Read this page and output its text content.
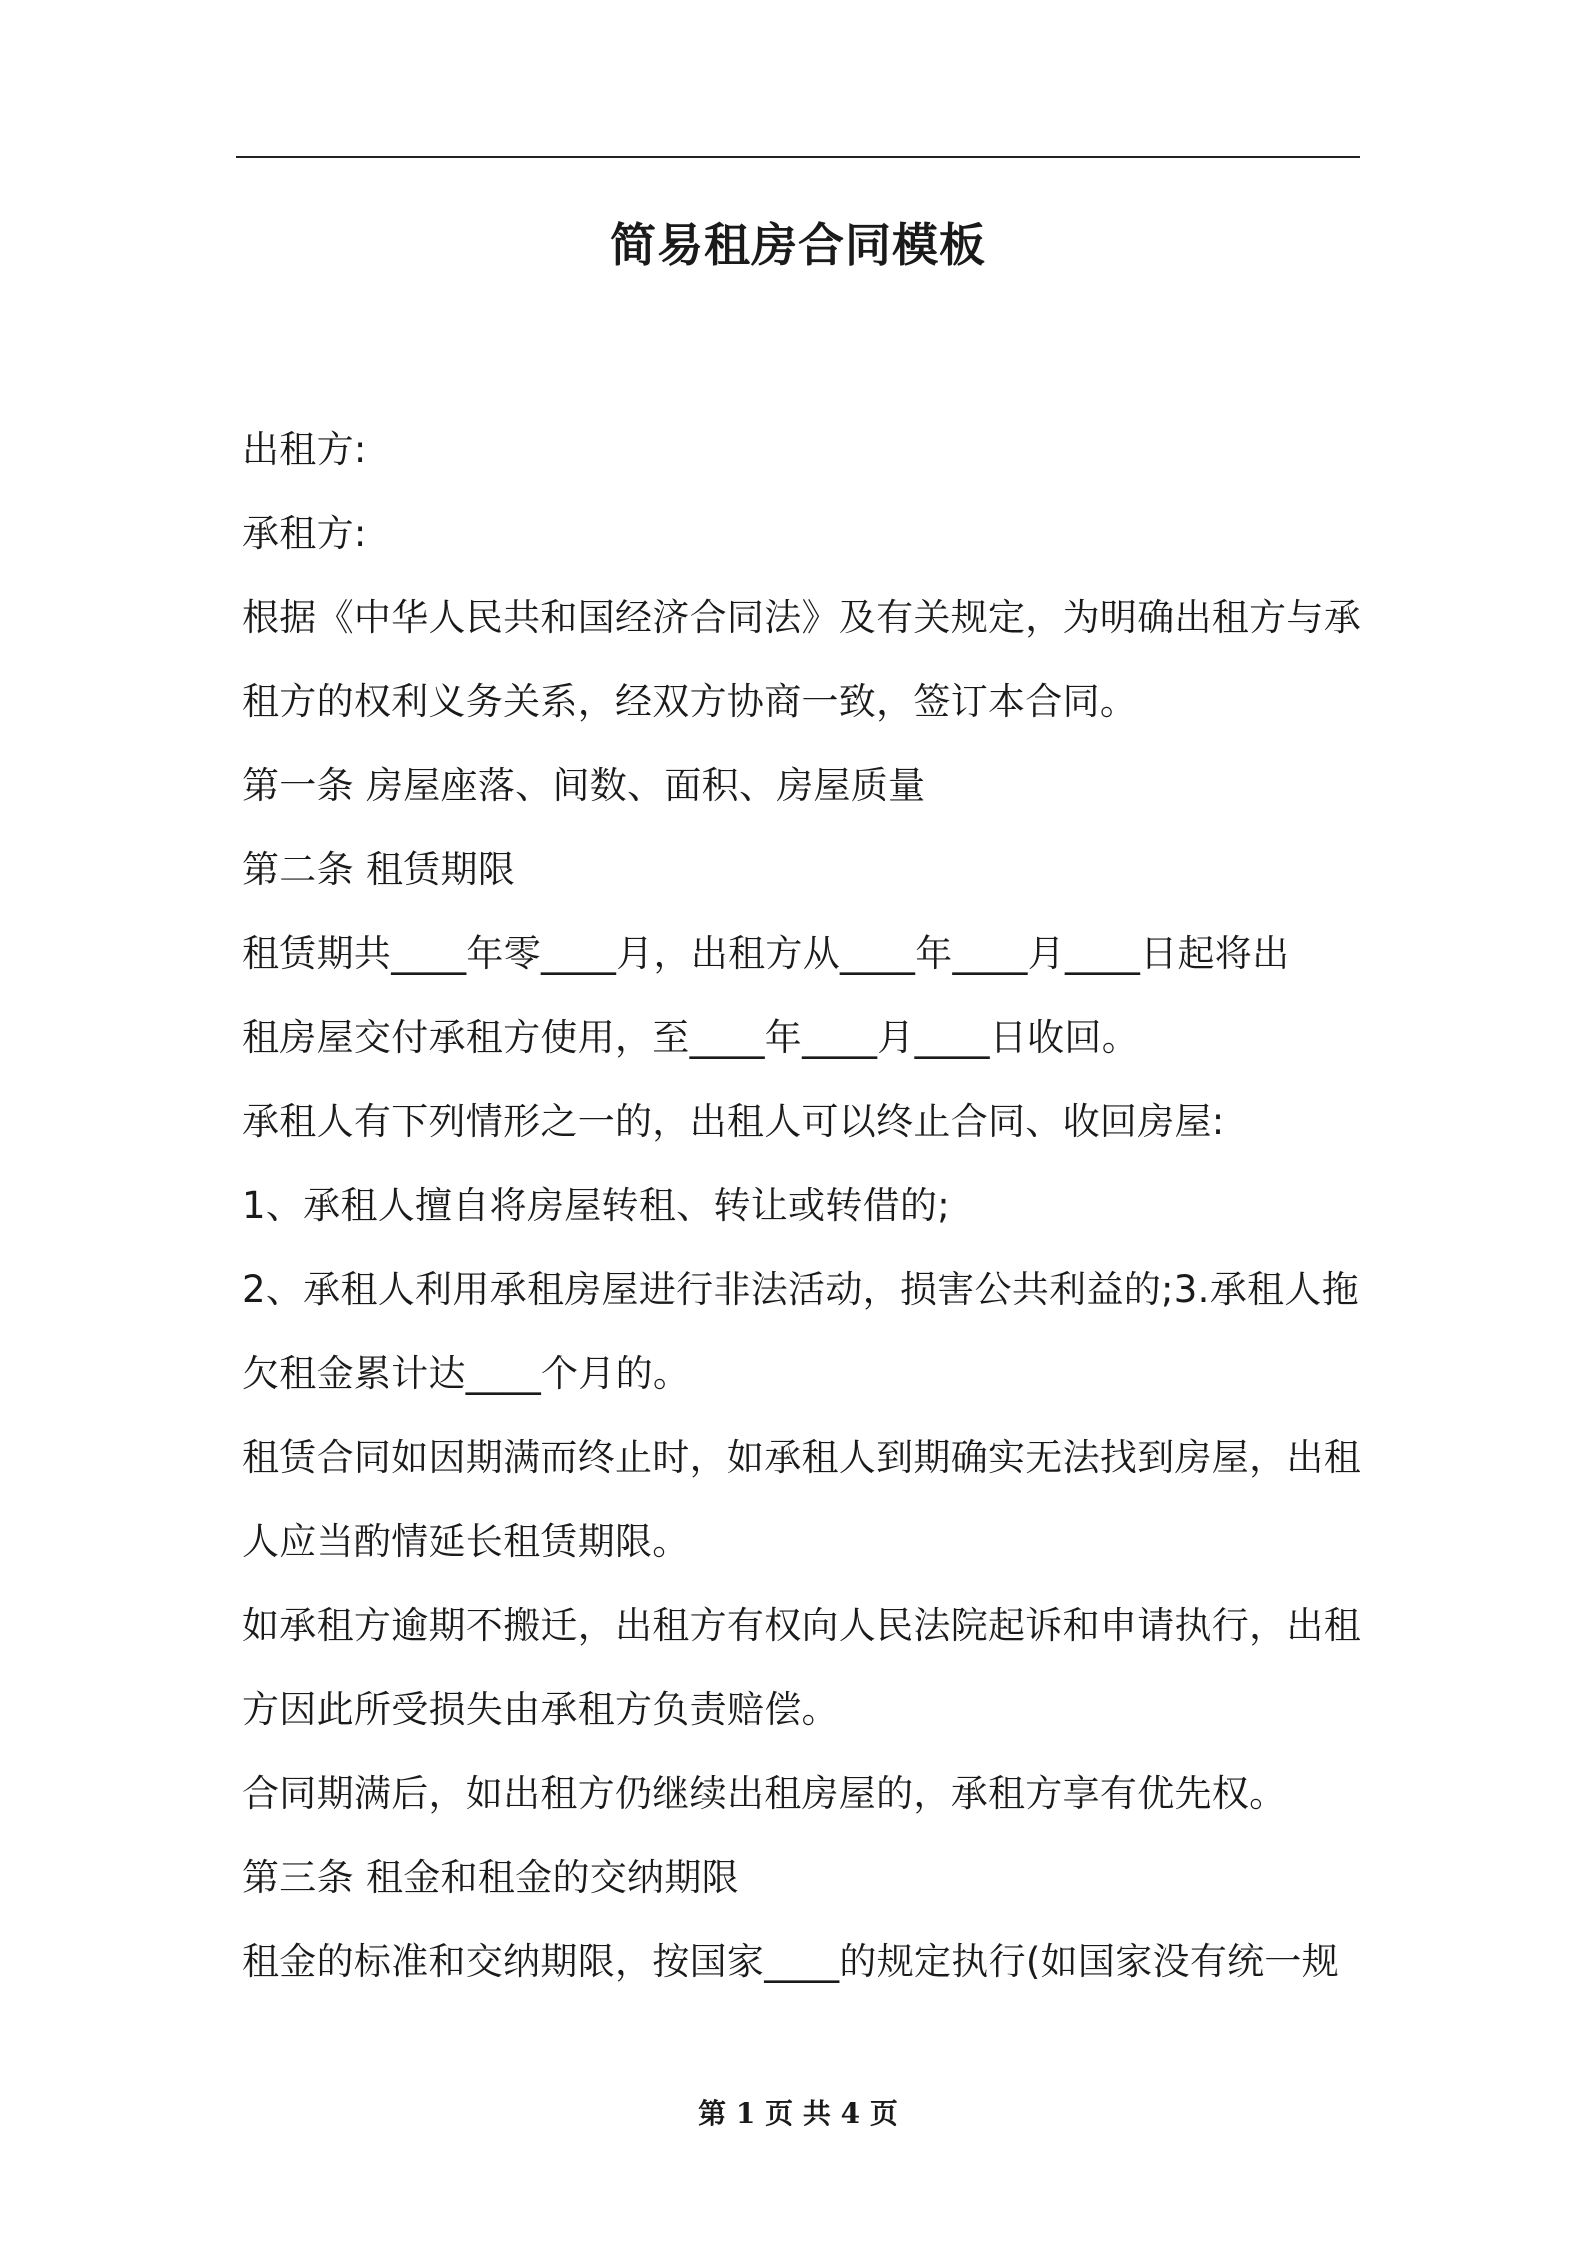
简易租房合同模板
出租方:
承租方:
根据《中华人民共和国经济合同法》及有关规定，为明确出租方与承
租方的权利义务关系，经双方协商一致，签订本合同。
第一条 房屋座落、间数、面积、房屋质量
第二条 租赁期限
租赁期共____年零____月，出租方从____年____月____日起将出
租房屋交付承租方使用，至____年____月____日收回。
承租人有下列情形之一的，出租人可以终止合同、收回房屋:
1、承租人擅自将房屋转租、转让或转借的;
2、承租人利用承租房屋进行非法活动，损害公共利益的;3.承租人拖
欠租金累计达____个月的。
租赁合同如因期满而终止时，如承租人到期确实无法找到房屋，出租
人应当酌情延长租赁期限。
如承租方逾期不搬迁，出租方有权向人民法院起诉和申请执行，出租
方因此所受损失由承租方负责赔偿。
合同期满后，如出租方仍继续出租房屋的，承租方享有优先权。
第三条 租金和租金的交纳期限
租金的标准和交纳期限，按国家____的规定执行(如国家没有统一规
第 1 页 共 4 页
